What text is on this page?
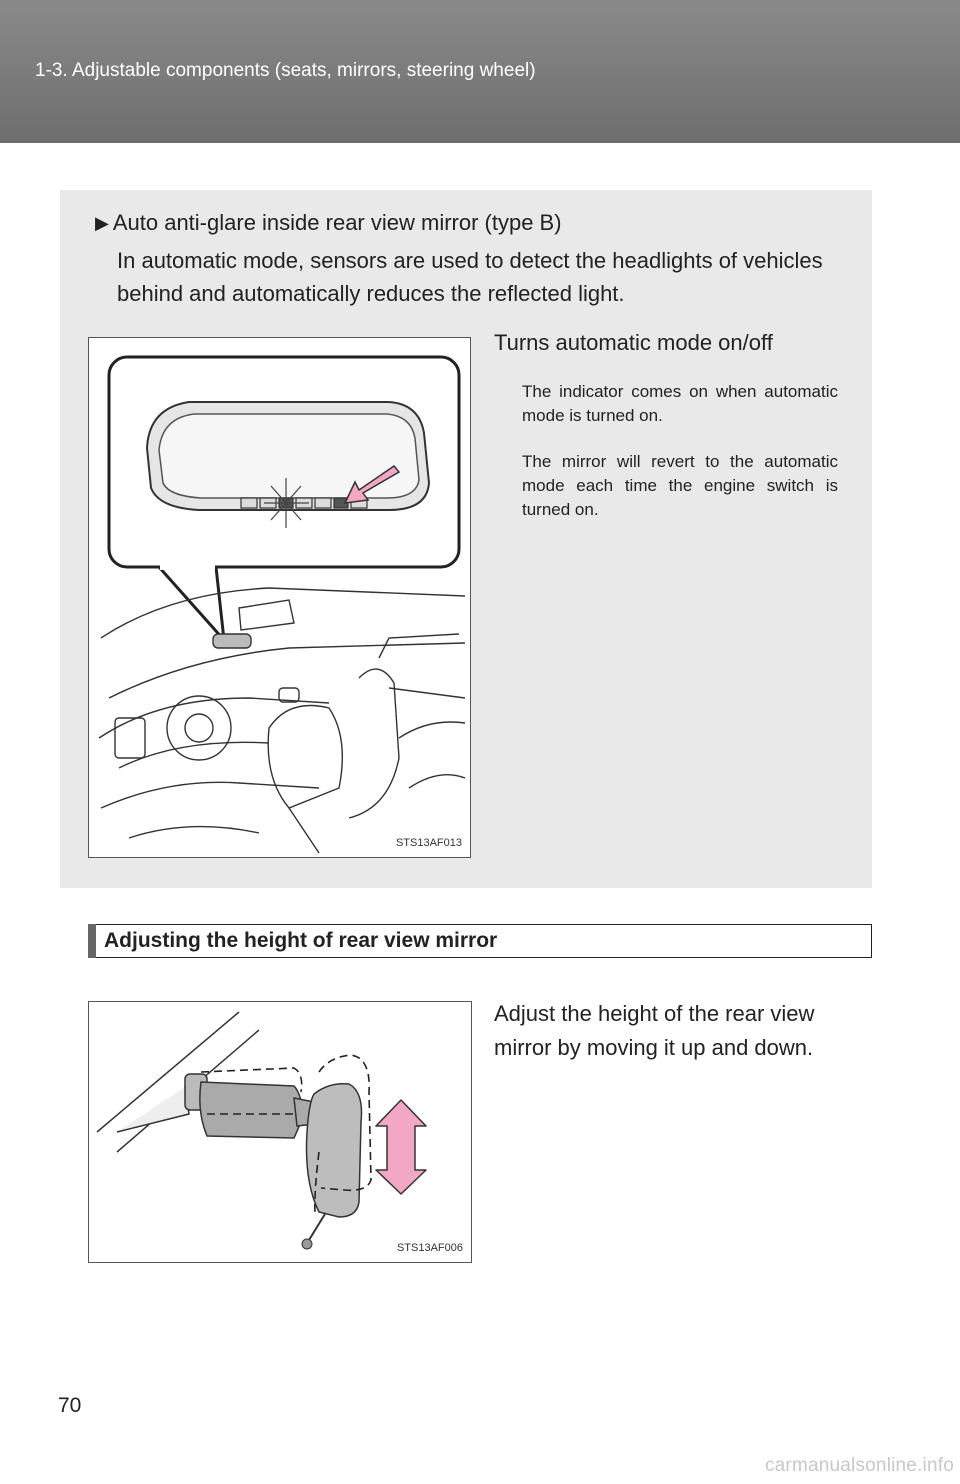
1-3. Adjustable components (seats, mirrors, steering wheel)
▶ Auto anti-glare inside rear view mirror (type B)
In automatic mode, sensors are used to detect the headlights of vehicles behind and automatically reduces the reflected light.
STS13AF013
Turns automatic mode on/off
The indicator comes on when automatic mode is turned on.
The mirror will revert to the automatic mode each time the engine switch is turned on.
Adjusting the height of rear view mirror
STS13AF006
Adjust the height of the rear view mirror by moving it up and down.
70
carmanualsonline.info
